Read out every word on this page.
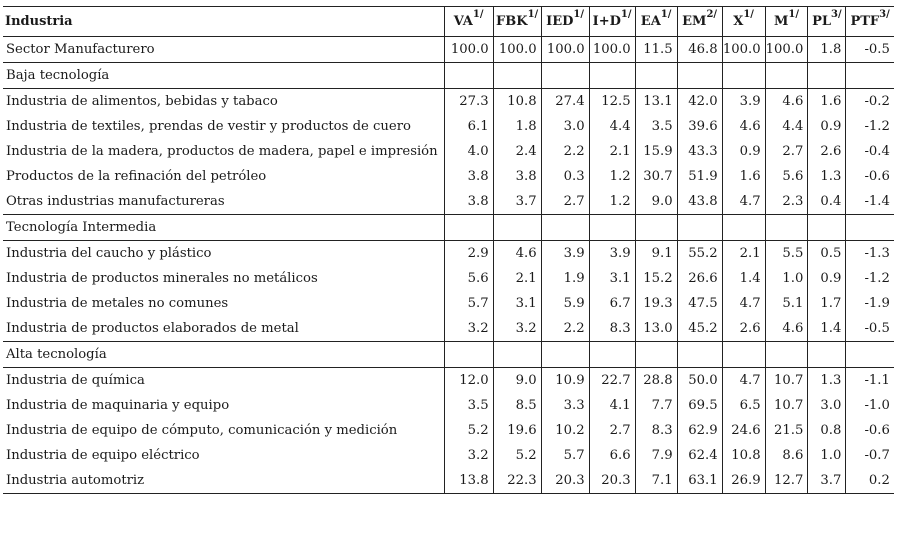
Industria	$VA^{1/}$	$FBK^{1/}$	$IED^{1/}$	$I+D^{1/}$	$EA^{1/}$	$EM^{2/}$	$X^{1/}$	$M^{1/}$	$PL^{3/}$	$PTF^{3/}$
Sector Manufacturero	100.0	100.0	100.0	100.0	11.5	46.8	100.0	100.0	1.8	-0.5
Baja tecnología										
Industria de alimentos, bebidas y tabaco	27.3	10.8	27.4	12.5	13.1	42.0	3.9	4.6	1.6	-0.2
Industria de textiles, prendas de vestir y productos de cuero	6.1	1.8	3.0	4.4	3.5	39.6	4.6	4.4	0.9	-1.2
Industria de la madera, productos de madera, papel e impresión	4.0	2.4	2.2	2.1	15.9	43.3	0.9	2.7	2.6	-0.4
Productos de la refinación del petróleo	3.8	3.8	0.3	1.2	30.7	51.9	1.6	5.6	1.3	-0.6
Otras industrias manufactureras	3.8	3.7	2.7	1.2	9.0	43.8	4.7	2.3	0.4	-1.4
Tecnología Intermedia										
Industria del caucho y plástico	2.9	4.6	3.9	3.9	9.1	55.2	2.1	5.5	0.5	-1.3
Industria de productos minerales no metálicos	5.6	2.1	1.9	3.1	15.2	26.6	1.4	1.0	0.9	-1.2
Industria de metales no comunes	5.7	3.1	5.9	6.7	19.3	47.5	4.7	5.1	1.7	-1.9
Industria de productos elaborados de metal	3.2	3.2	2.2	8.3	13.0	45.2	2.6	4.6	1.4	-0.5
Alta tecnología										
Industria de química	12.0	9.0	10.9	22.7	28.8	50.0	4.7	10.7	1.3	-1.1
Industria de maquinaria y equipo	3.5	8.5	3.3	4.1	7.7	69.5	6.5	10.7	3.0	-1.0
Industria de equipo de cómputo, comunicación y medición	5.2	19.6	10.2	2.7	8.3	62.9	24.6	21.5	0.8	-0.6
Industria de equipo eléctrico	3.2	5.2	5.7	6.6	7.9	62.4	10.8	8.6	1.0	-0.7
Industria automotriz	13.8	22.3	20.3	20.3	7.1	63.1	26.9	12.7	3.7	0.2
